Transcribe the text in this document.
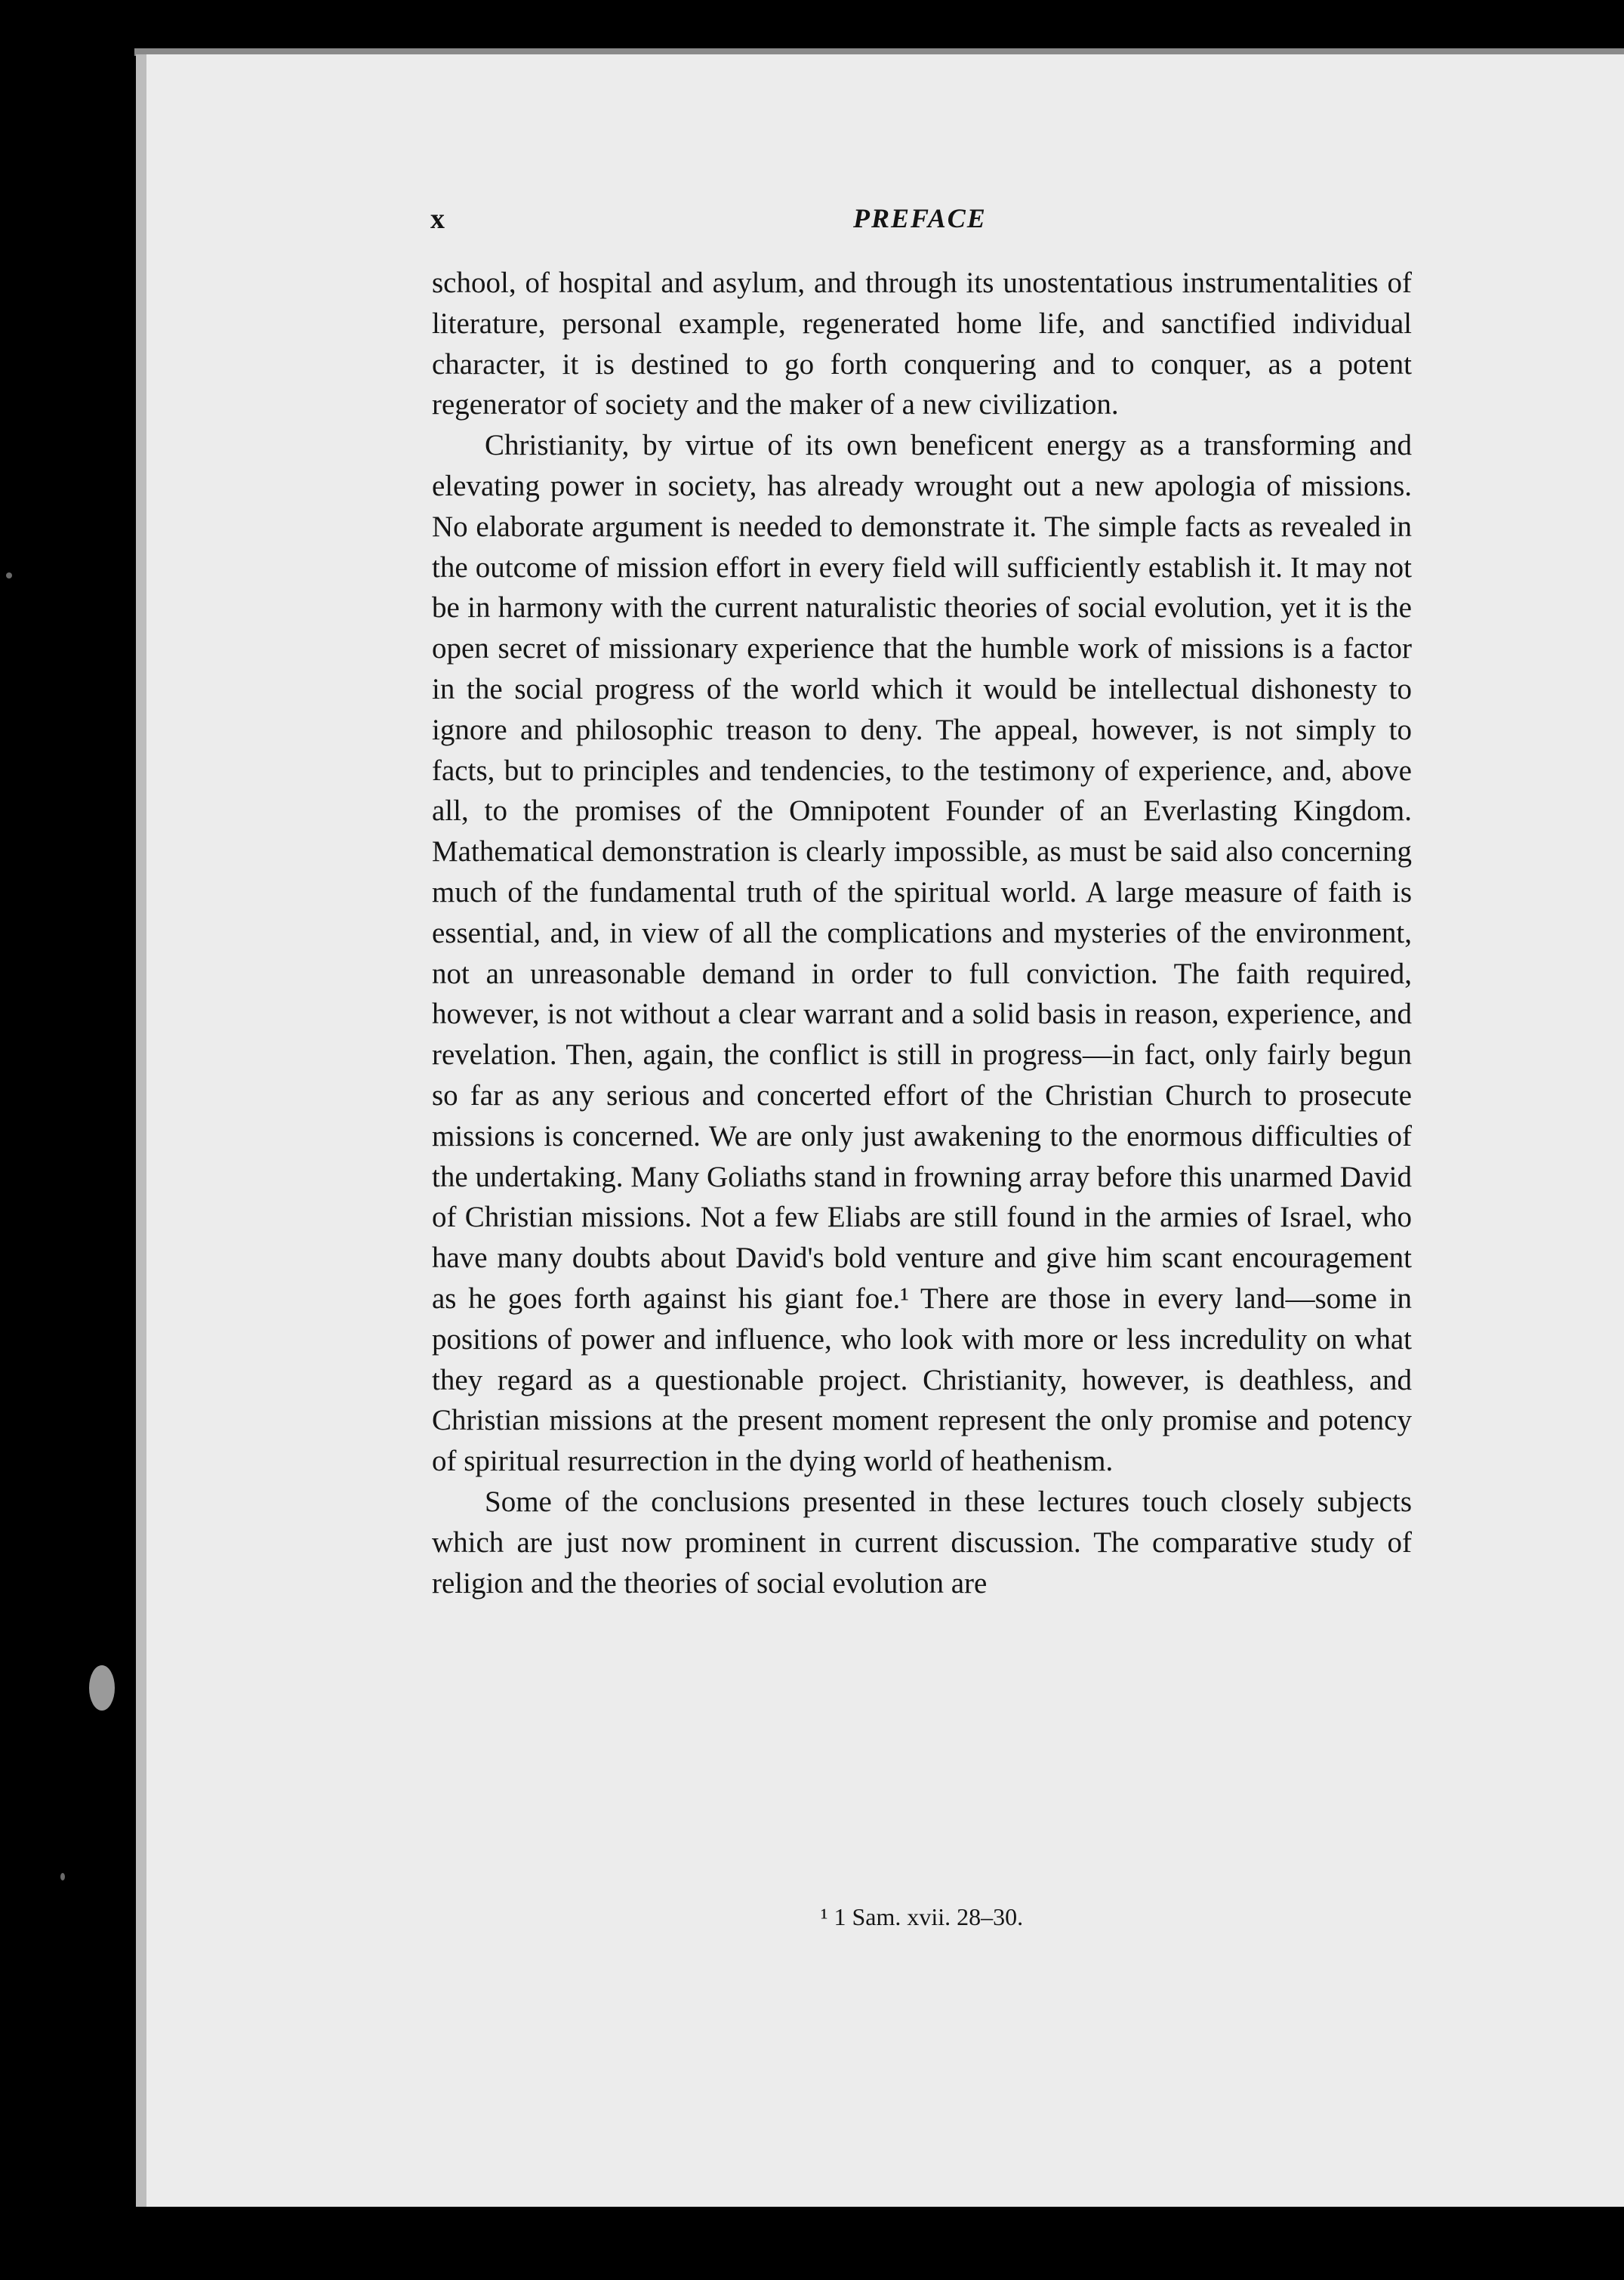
x	PREFACE

school, of hospital and asylum, and through its unostentatious instrumentalities of literature, personal example, regenerated home life, and sanctified individual character, it is destined to go forth conquering and to conquer, as a potent regenerator of society and the maker of a new civilization.

Christianity, by virtue of its own beneficent energy as a transforming and elevating power in society, has already wrought out a new apologia of missions. No elaborate argument is needed to demonstrate it. The simple facts as revealed in the outcome of mission effort in every field will sufficiently establish it. It may not be in harmony with the current naturalistic theories of social evolution, yet it is the open secret of missionary experience that the humble work of missions is a factor in the social progress of the world which it would be intellectual dishonesty to ignore and philosophic treason to deny. The appeal, however, is not simply to facts, but to principles and tendencies, to the testimony of experience, and, above all, to the promises of the Omnipotent Founder of an Everlasting Kingdom. Mathematical demonstration is clearly impossible, as must be said also concerning much of the fundamental truth of the spiritual world. A large measure of faith is essential, and, in view of all the complications and mysteries of the environment, not an unreasonable demand in order to full conviction. The faith required, however, is not without a clear warrant and a solid basis in reason, experience, and revelation. Then, again, the conflict is still in progress—in fact, only fairly begun so far as any serious and concerted effort of the Christian Church to prosecute missions is concerned. We are only just awakening to the enormous difficulties of the undertaking. Many Goliaths stand in frowning array before this unarmed David of Christian missions. Not a few Eliabs are still found in the armies of Israel, who have many doubts about David's bold venture and give him scant encouragement as he goes forth against his giant foe.¹ There are those in every land—some in positions of power and influence, who look with more or less incredulity on what they regard as a questionable project. Christianity, however, is deathless, and Christian missions at the present moment represent the only promise and potency of spiritual resurrection in the dying world of heathenism.

Some of the conclusions presented in these lectures touch closely subjects which are just now prominent in current discussion. The comparative study of religion and the theories of social evolution are

¹ 1 Sam. xvii. 28–30.
